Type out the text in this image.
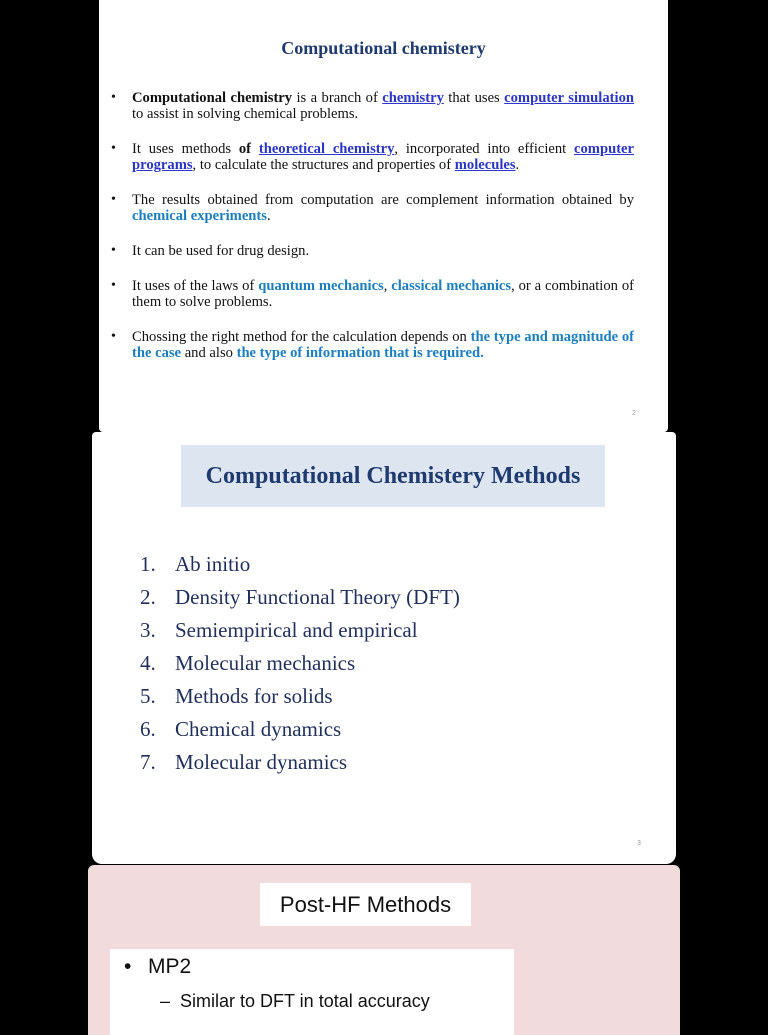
Computational chemistery
• Computational chemistry is a branch of chemistry that uses computer simulation to assist in solving chemical problems.
• It uses methods of theoretical chemistry, incorporated into efficient computer programs, to calculate the structures and properties of molecules.
• The results obtained from computation are complement information obtained by chemical experiments.
• It can be used for drug design.
• It uses of the laws of quantum mechanics, classical mechanics, or a combination of them to solve problems.
• Chossing the right method for the calculation depends on the type and magnitude of the case and also the type of information that is required.
2
Computational Chemistery Methods
1. Ab initio
2. Density Functional Theory (DFT)
3. Semiempirical and empirical
4. Molecular mechanics
5. Methods for solids
6. Chemical dynamics
7. Molecular dynamics
3
Post-HF Methods
• MP2
– Similar to DFT in total accuracy
